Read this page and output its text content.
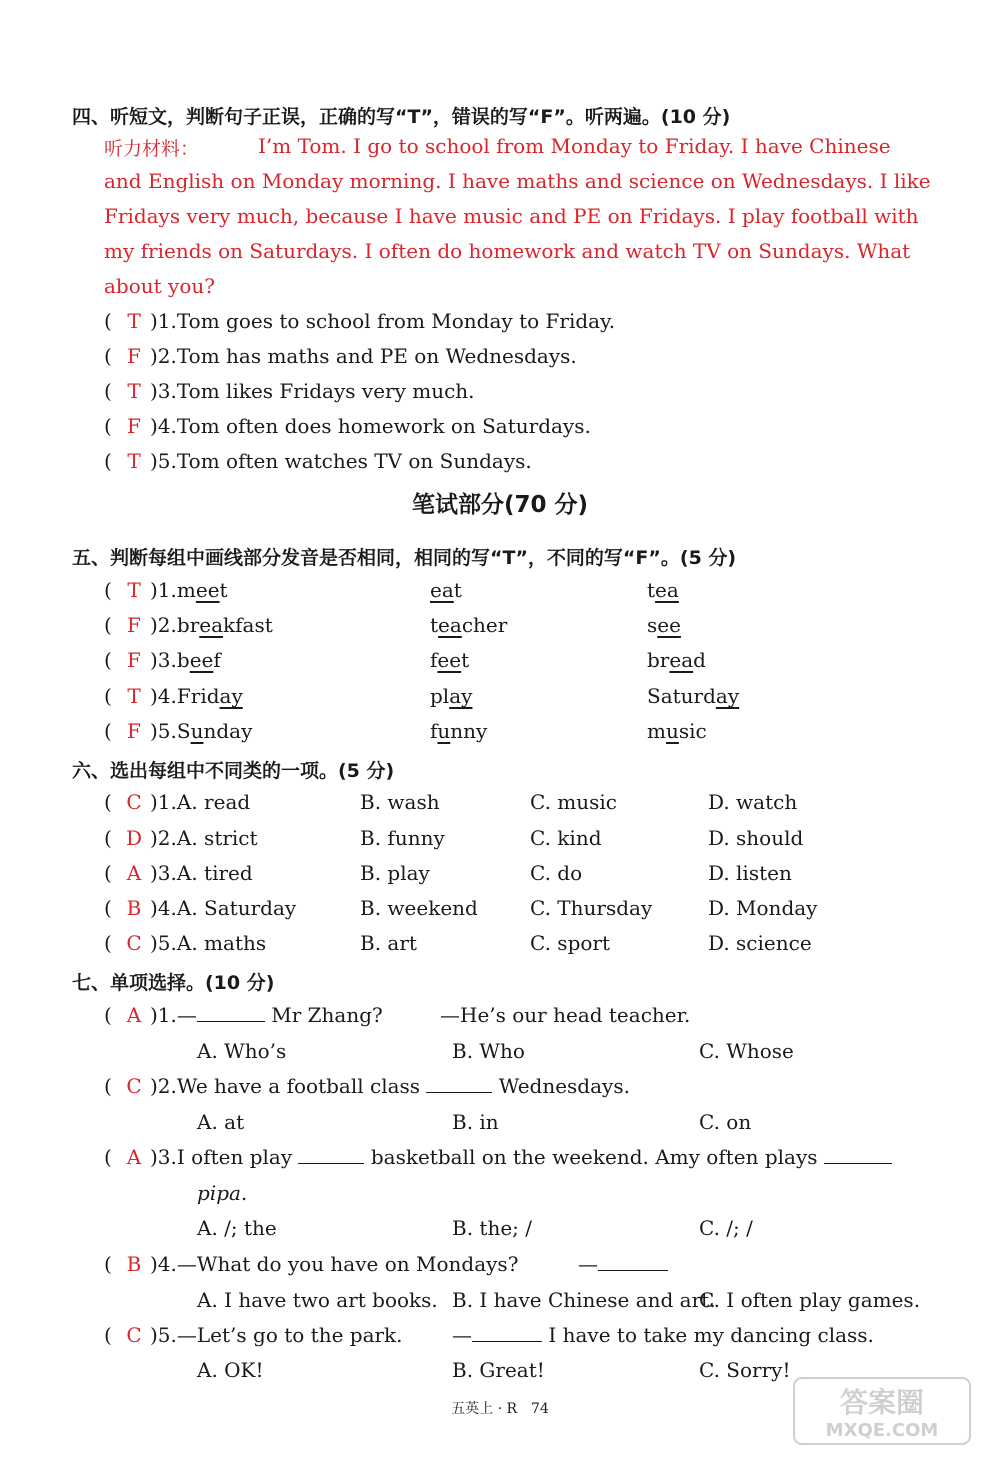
四、听短文，判断句子正误，正确的写“T”，错误的写“F”。听两遍。(10 分)
听力材料：	I’m Tom. I go to school from Monday to Friday. I have Chinese
and English on Monday morning. I have maths and science on Wednesdays. I like
Fridays very much, because I have music and PE on Fridays. I play football with
my friends on Saturdays. I often do homework and watch TV on Sundays. What
about you?
( T )1.Tom goes to school from Monday to Friday.
( F )2.Tom has maths and PE on Wednesdays.
( T )3.Tom likes Fridays very much.
( F )4.Tom often does homework on Saturdays.
( T )5.Tom often watches TV on Sundays.
笔试部分(70 分)
五、判断每组中画线部分发音是否相同，相同的写“T”，不同的写“F”。(5 分)
( T )1.meet	eat	tea
( F )2.breakfast	teacher	see
( F )3.beef	feet	bread
( T )4.Friday	play	Saturday
( F )5.Sunday	funny	music
六、选出每组中不同类的一项。(5 分)
( C )1.A. read	B. wash	C. music	D. watch
( D )2.A. strict	B. funny	C. kind	D. should
( A )3.A. tired	B. play	C. do	D. listen
( B )4.A. Saturday	B. weekend	C. Thursday	D. Monday
( C )5.A. maths	B. art	C. sport	D. science
七、单项选择。(10 分)
( A )1.—	Mr Zhang?	—He’s our head teacher.
A. Who’s	B. Who	C. Whose
( C )2.We have a football class	Wednesdays.
A. at	B. in	C. on
( A )3.I often play	basketball on the weekend. Amy often plays
pipa.
A. /; the	B. the; /	C. /; /
( B )4.—What do you have on Mondays?	—
A. I have two art books. B. I have Chinese and art.
C. I often play games.
( C )5.—Let’s go to the park. —	I have to take my dancing class.
A. OK!	B. Great!	C. Sorry!
五英上 · R　74	答案圈
MXQE.COM
